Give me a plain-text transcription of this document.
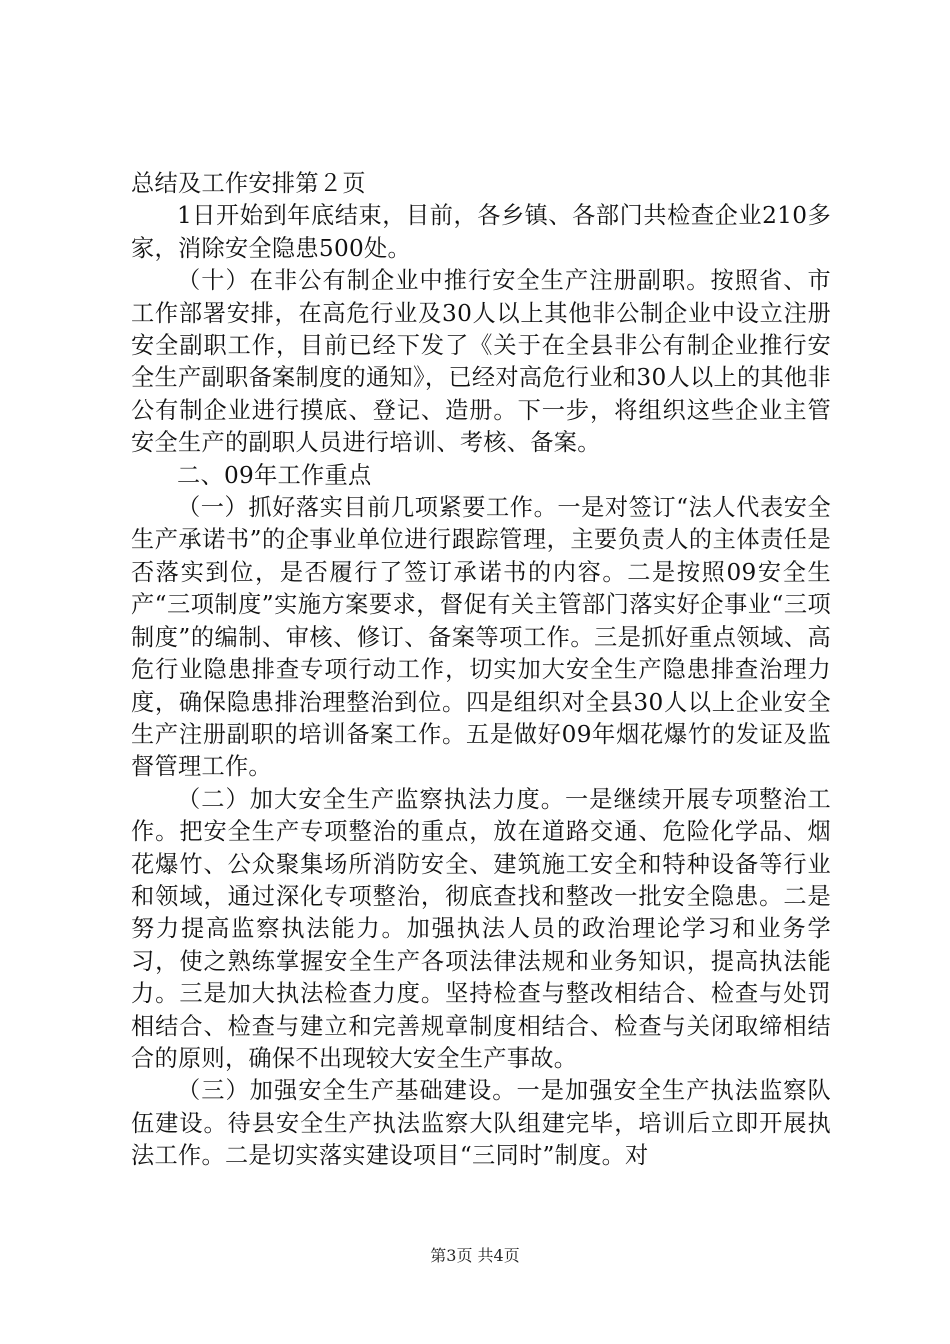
总结及工作安排第２页

1日开始到年底结束，目前，各乡镇、各部门共检查企业210多家，消除安全隐患500处。

（十）在非公有制企业中推行安全生产注册副职。按照省、市工作部署安排，在高危行业及30人以上其他非公制企业中设立注册安全副职工作，目前已经下发了《关于在全县非公有制企业推行安全生产副职备案制度的通知》，已经对高危行业和30人以上的其他非公有制企业进行摸底、登记、造册。下一步，将组织这些企业主管安全生产的副职人员进行培训、考核、备案。

二、09年工作重点

（一）抓好落实目前几项紧要工作。一是对签订“法人代表安全生产承诺书”的企事业单位进行跟踪管理，主要负责人的主体责任是否落实到位，是否履行了签订承诺书的内容。二是按照09安全生产“三项制度”实施方案要求，督促有关主管部门落实好企事业“三项制度”的编制、审核、修订、备案等项工作。三是抓好重点领域、高危行业隐患排查专项行动工作，切实加大安全生产隐患排查治理力度，确保隐患排治理整治到位。四是组织对全县30人以上企业安全生产注册副职的培训备案工作。五是做好09年烟花爆竹的发证及监督管理工作。

（二）加大安全生产监察执法力度。一是继续开展专项整治工作。把安全生产专项整治的重点，放在道路交通、危险化学品、烟花爆竹、公众聚集场所消防安全、建筑施工安全和特种设备等行业和领域，通过深化专项整治，彻底查找和整改一批安全隐患。二是努力提高监察执法能力。加强执法人员的政治理论学习和业务学习，使之熟练掌握安全生产各项法律法规和业务知识，提高执法能力。三是加大执法检查力度。坚持检查与整改相结合、检查与处罚相结合、检查与建立和完善规章制度相结合、检查与关闭取缔相结合的原则，确保不出现较大安全生产事故。

（三）加强安全生产基础建设。一是加强安全生产执法监察队伍建设。待县安全生产执法监察大队组建完毕，培训后立即开展执法工作。二是切实落实建设项目“三同时”制度。对

第3页 共4页
